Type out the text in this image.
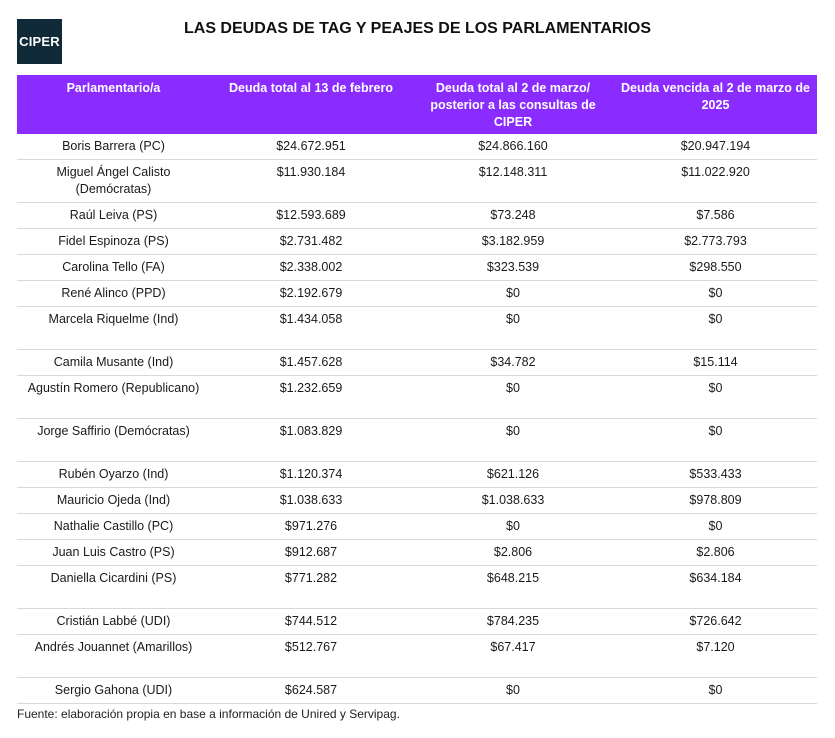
CIPER
LAS DEUDAS DE TAG Y PEAJES DE LOS PARLAMENTARIOS
Parlamentario/a	Deuda total al 13 de febrero	Deuda total al 2 de marzo/ posterior a las consultas de CIPER	Deuda vencida al 2 de marzo de 2025
Boris Barrera (PC)	$24.672.951	$24.866.160	$20.947.194
Miguel Ángel Calisto (Demócratas)	$11.930.184	$12.148.311	$11.022.920
Raúl Leiva (PS)	$12.593.689	$73.248	$7.586
Fidel Espinoza (PS)	$2.731.482	$3.182.959	$2.773.793
Carolina Tello (FA)	$2.338.002	$323.539	$298.550
René Alinco (PPD)	$2.192.679	$0	$0
Marcela Riquelme (Ind)	$1.434.058	$0	$0
Camila Musante (Ind)	$1.457.628	$34.782	$15.114
Agustín Romero (Republicano)	$1.232.659	$0	$0
Jorge Saffirio (Demócratas)	$1.083.829	$0	$0
Rubén Oyarzo (Ind)	$1.120.374	$621.126	$533.433
Mauricio Ojeda (Ind)	$1.038.633	$1.038.633	$978.809
Nathalie Castillo (PC)	$971.276	$0	$0
Juan Luis Castro (PS)	$912.687	$2.806	$2.806
Daniella Cicardini (PS)	$771.282	$648.215	$634.184
Cristián Labbé (UDI)	$744.512	$784.235	$726.642
Andrés Jouannet (Amarillos)	$512.767	$67.417	$7.120
Sergio Gahona (UDI)	$624.587	$0	$0
Fuente: elaboración propia en base a información de Unired y Servipag.
